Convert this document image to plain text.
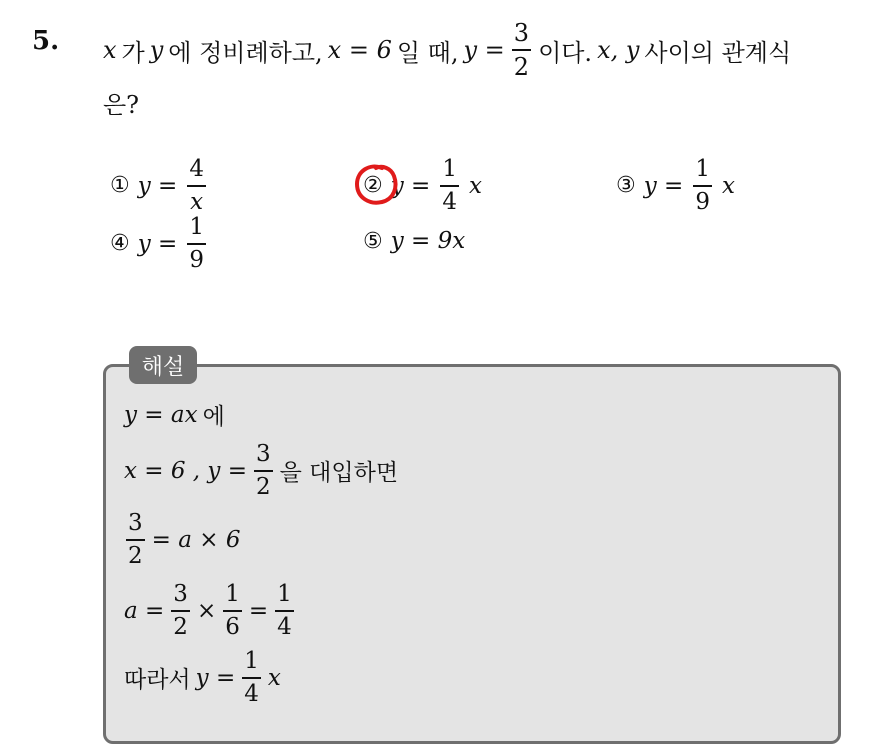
5. x 가 y 에 정비례하고, x = 6 일 때, $y = \frac{3}{2}$ 이다. x, y 사이의 관계식
은?
① $y = \frac{4}{x}$	② $y = \frac{1}{4}$ x	③ $y = \frac{1}{9}$ x
④ $y = \frac{1}{9}$	⑤ y = 9x
해설
y = ax 에
x = 6 , $y = \frac{3}{2}$ 을 대입하면
$\frac{3}{2} = a \times 6$
$a = \frac{3}{2} \times \frac{1}{6} = \frac{1}{4}$
따라서 $y = \frac{1}{4}$ x
